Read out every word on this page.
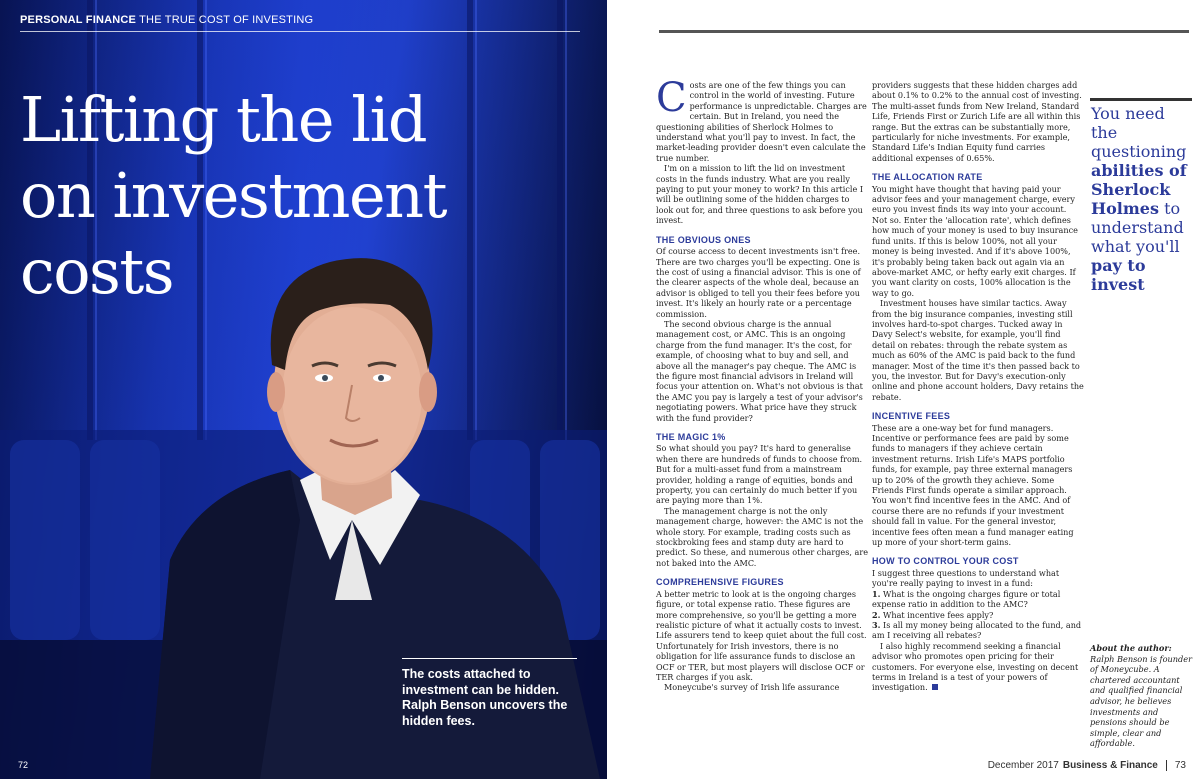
PERSONAL FINANCE THE TRUE COST OF INVESTING
Lifting the lid
on investment
costs
The costs attached to investment can be hidden. Ralph Benson uncovers the hidden fees.
72

Costs are one of the few things you can control in the world of investing. Future performance is unpredictable. Charges are certain. But in Ireland, you need the questioning abilities of Sherlock Holmes to understand what you'll pay to invest. In fact, the market-leading provider doesn't even calculate the true number.

I'm on a mission to lift the lid on investment costs in the funds industry. What are you really paying to put your money to work? In this article I will be outlining some of the hidden charges to look out for, and three questions to ask before you invest.

THE OBVIOUS ONES

Of course access to decent investments isn't free. There are two charges you'll be expecting. One is the cost of using a financial advisor. This is one of the clearer aspects of the whole deal, because an advisor is obliged to tell you their fees before you invest. It's likely an hourly rate or a percentage commission.

The second obvious charge is the annual management cost, or AMC. This is an ongoing charge from the fund manager. It's the cost, for example, of choosing what to buy and sell, and above all the manager's pay cheque. The AMC is the figure most financial advisors in Ireland will focus your attention on. What's not obvious is that the AMC you pay is largely a test of your advisor's negotiating powers. What price have they struck with the fund provider?

THE MAGIC 1%

So what should you pay? It's hard to generalise when there are hundreds of funds to choose from. But for a multi-asset fund from a mainstream provider, holding a range of equities, bonds and property, you can certainly do much better if you are paying more than 1%.

The management charge is not the only management charge, however: the AMC is not the whole story. For example, trading costs such as stockbroking fees and stamp duty are hard to predict. So these, and numerous other charges, are not baked into the AMC.

COMPREHENSIVE FIGURES

A better metric to look at is the ongoing charges figure, or total expense ratio. These figures are more comprehensive, so you'll be getting a more realistic picture of what it actually costs to invest. Life assurers tend to keep quiet about the full cost. Unfortunately for Irish investors, there is no obligation for life assurance funds to disclose an OCF or TER, but most players will disclose OCF or TER charges if you ask.

Moneycube's survey of Irish life assurance

providers suggests that these hidden charges add about 0.1% to 0.2% to the annual cost of investing. The multi-asset funds from New Ireland, Standard Life, Friends First or Zurich Life are all within this range. But the extras can be substantially more, particularly for niche investments. For example, Standard Life's Indian Equity fund carries additional expenses of 0.65%.

THE ALLOCATION RATE

You might have thought that having paid your advisor fees and your management charge, every euro you invest finds its way into your account. Not so. Enter the 'allocation rate', which defines how much of your money is used to buy insurance fund units. If this is below 100%, not all your money is being invested. And if it's above 100%, it's probably being taken back out again via an above-market AMC, or hefty early exit charges. If you want clarity on costs, 100% allocation is the way to go.

Investment houses have similar tactics. Away from the big insurance companies, investing still involves hard-to-spot charges. Tucked away in Davy Select's website, for example, you'll find detail on rebates: through the rebate system as much as 60% of the AMC is paid back to the fund manager. Most of the time it's then passed back to you, the investor. But for Davy's execution-only online and phone account holders, Davy retains the rebate.

INCENTIVE FEES

These are a one-way bet for fund managers. Incentive or performance fees are paid by some funds to managers if they achieve certain investment returns. Irish Life's MAPS portfolio funds, for example, pay three external managers up to 20% of the growth they achieve. Some Friends First funds operate a similar approach. You won't find incentive fees in the AMC. And of course there are no refunds if your investment should fall in value. For the general investor, incentive fees often mean a fund manager eating up more of your short-term gains.

HOW TO CONTROL YOUR COST

I suggest three questions to understand what you're really paying to invest in a fund:

1. What is the ongoing charges figure or total expense ratio in addition to the AMC?
2. What incentive fees apply?
3. Is all my money being allocated to the fund, and am I receiving all rebates?

I also highly recommend seeking a financial advisor who promotes open pricing for their customers. For everyone else, investing on decent terms in Ireland is a test of your powers of investigation.

You need the questioning abilities of Sherlock Holmes to understand what you'll pay to invest
About the author: Ralph Benson is founder of Moneycube. A chartered accountant and qualified financial advisor, he believes investments and pensions should be simple, clear and affordable.
December 2017 Business & Finance 73
